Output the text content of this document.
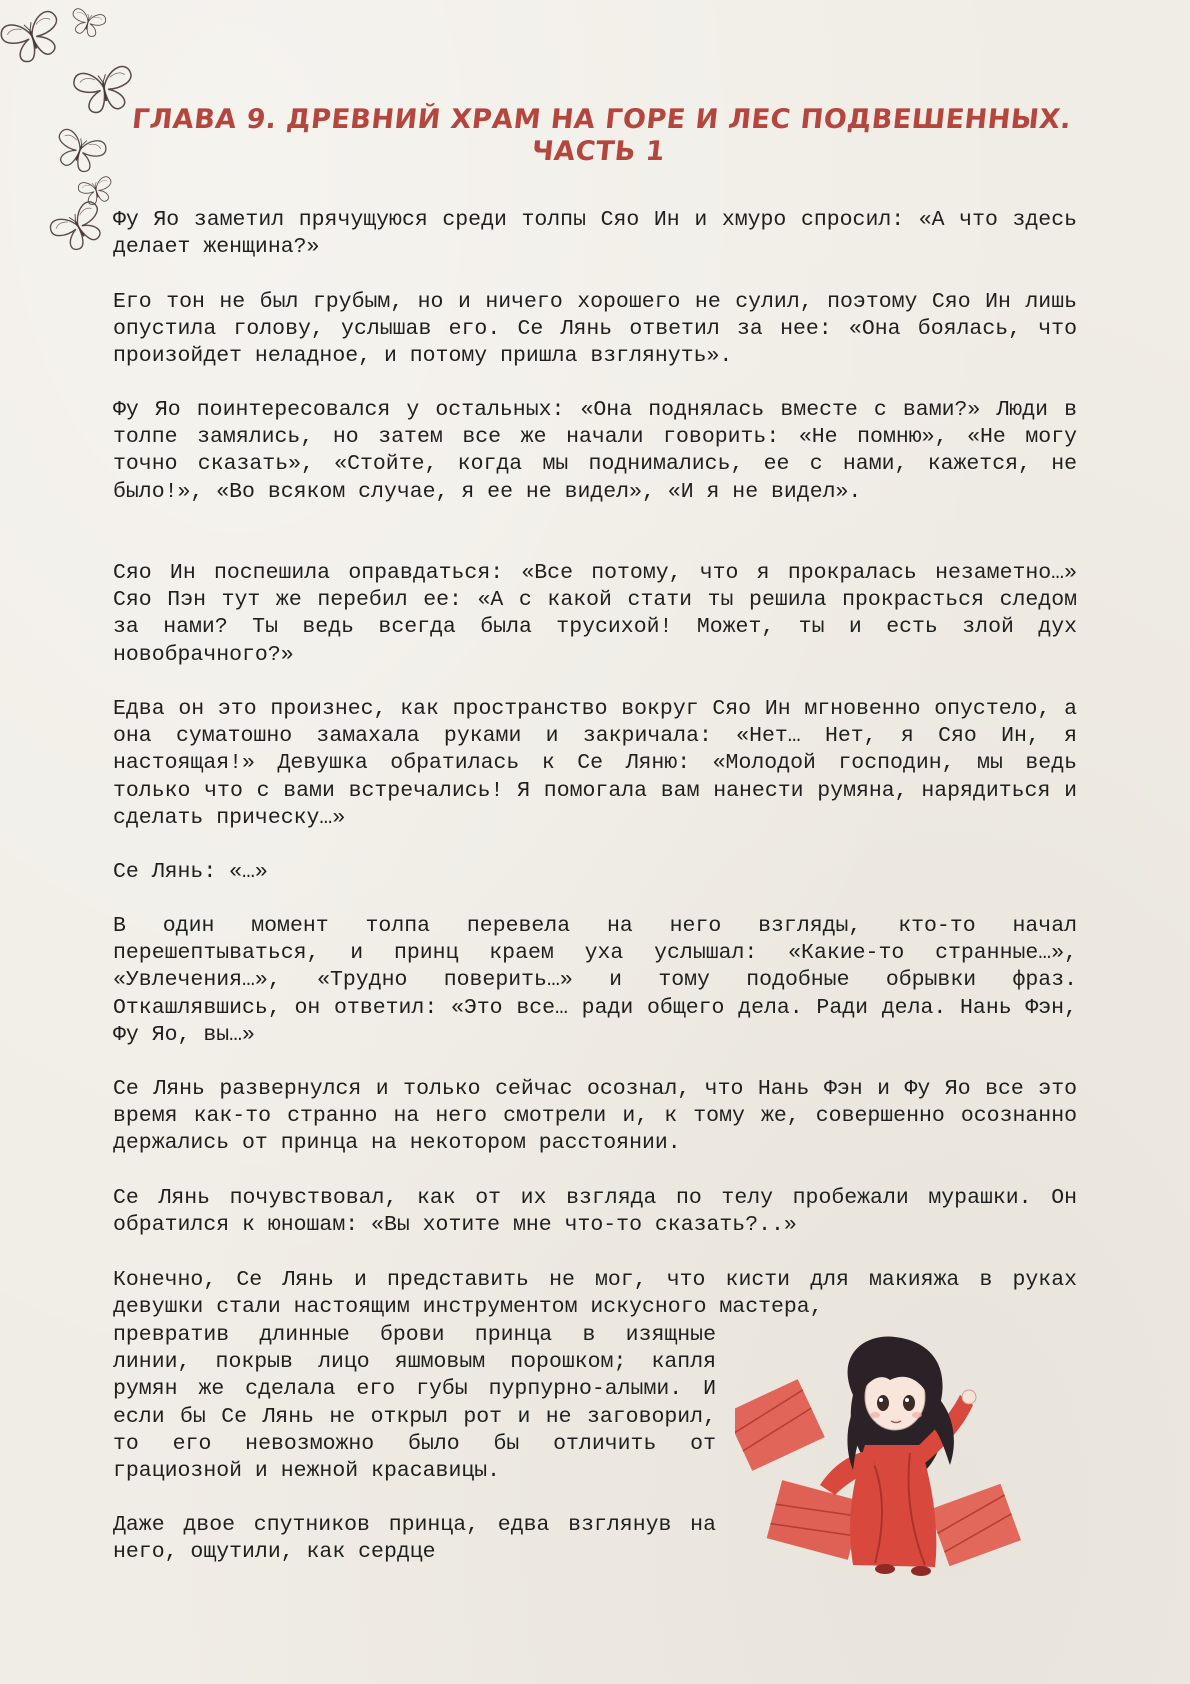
ГЛАВА 9. ДРЕВНИЙ ХРАМ НА ГОРЕ И ЛЕС ПОДВЕШЕННЫХ.
ЧАСТЬ 1

Фу Яо заметил прячущуюся среди толпы Сяо Ин и хмуро спросил: «А что здесь делает женщина?»

Его тон не был грубым, но и ничего хорошего не сулил, поэтому Сяо Ин лишь опустила голову, услышав его. Се Лянь ответил за нее: «Она боялась, что произойдет неладное, и потому пришла взглянуть».

Фу Яо поинтересовался у остальных: «Она поднялась вместе с вами?» Люди в толпе замялись, но затем все же начали говорить: «Не помню», «Не могу точно сказать», «Стойте, когда мы поднимались, ее с нами, кажется, не было!», «Во всяком случае, я ее не видел», «И я не видел».

Сяо Ин поспешила оправдаться: «Все потому, что я прокралась незаметно…» Сяо Пэн тут же перебил ее: «А с какой стати ты решила прокрасться следом за нами? Ты ведь всегда была трусихой! Может, ты и есть злой дух новобрачного?»

Едва он это произнес, как пространство вокруг Сяо Ин мгновенно опустело, а она суматошно замахала руками и закричала: «Нет… Нет, я Сяо Ин, я настоящая!» Девушка обратилась к Се Ляню: «Молодой господин, мы ведь только что с вами встречались! Я помогала вам нанести румяна, нарядиться и сделать прическу…»

Се Лянь: «…»

В один момент толпа перевела на него взгляды, кто-то начал перешептываться, и принц краем уха услышал: «Какие-то странные…», «Увлечения…», «Трудно поверить…» и тому подобные обрывки фраз. Откашлявшись, он ответил: «Это все… ради общего дела. Ради дела. Нань Фэн, Фу Яо, вы…»

Се Лянь развернулся и только сейчас осознал, что Нань Фэн и Фу Яо все это время как-то странно на него смотрели и, к тому же, совершенно осознанно держались от принца на некотором расстоянии.

Се Лянь почувствовал, как от их взгляда по телу пробежали мурашки. Он обратился к юношам: «Вы хотите мне что-то сказать?..»

Конечно, Се Лянь и представить не мог, что кисти для макияжа в руках девушки стали настоящим инструментом искусного мастера,

превратив длинные брови принца в изящные линии, покрыв лицо яшмовым порошком; капля румян же сделала его губы пурпурно-алыми. И если бы Се Лянь не открыл рот и не заговорил, то его невозможно было бы отличить от грациозной и нежной красавицы.

Даже двое спутников принца, едва взглянув на него, ощутили, как сердце
